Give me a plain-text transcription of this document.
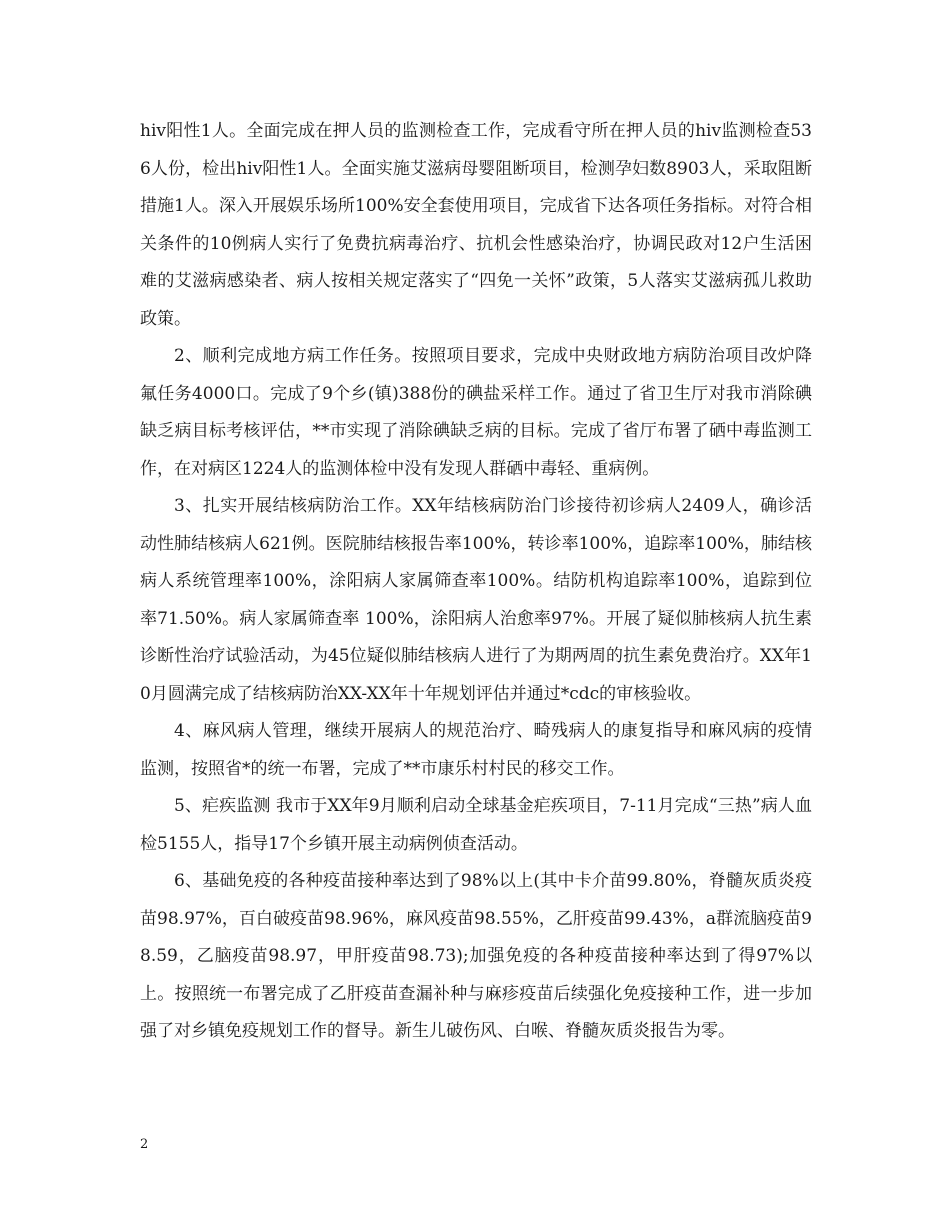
hiv阳性1人。全面完成在押人员的监测检查工作，完成看守所在押人员的hiv监测检查536人份，检出hiv阳性1人。全面实施艾滋病母婴阻断项目，检测孕妇数8903人，采取阻断措施1人。深入开展娱乐场所100%安全套使用项目，完成省下达各项任务指标。对符合相关条件的10例病人实行了免费抗病毒治疗、抗机会性感染治疗，协调民政对12户生活困难的艾滋病感染者、病人按相关规定落实了“四免一关怀”政策，5人落实艾滋病孤儿救助政策。

2、顺利完成地方病工作任务。按照项目要求，完成中央财政地方病防治项目改炉降氟任务4000口。完成了9个乡(镇)388份的碘盐采样工作。通过了省卫生厅对我市消除碘缺乏病目标考核评估，**市实现了消除碘缺乏病的目标。完成了省厅布署了硒中毒监测工作，在对病区1224人的监测体检中没有发现人群硒中毒轻、重病例。

3、扎实开展结核病防治工作。XX年结核病防治门诊接待初诊病人2409人，确诊活动性肺结核病人621例。医院肺结核报告率100%，转诊率100%，追踪率100%，肺结核病人系统管理率100%，涂阳病人家属筛查率100%。结防机构追踪率100%，追踪到位率71.50%。病人家属筛查率 100%，涂阳病人治愈率97%。开展了疑似肺核病人抗生素诊断性治疗试验活动，为45位疑似肺结核病人进行了为期两周的抗生素免费治疗。XX年10月圆满完成了结核病防治XX-XX年十年规划评估并通过*cdc的审核验收。

4、麻风病人管理，继续开展病人的规范治疗、畸残病人的康复指导和麻风病的疫情监测，按照省*的统一布署，完成了**市康乐村村民的移交工作。

5、疟疾监测 我市于XX年9月顺利启动全球基金疟疾项目，7-11月完成“三热”病人血检5155人，指导17个乡镇开展主动病例侦查活动。

6、基础免疫的各种疫苗接种率达到了98%以上(其中卡介苗99.80%，脊髓灰质炎疫苗98.97%，百白破疫苗98.96%，麻风疫苗98.55%，乙肝疫苗99.43%，a群流脑疫苗98.59，乙脑疫苗98.97，甲肝疫苗98.73);加强免疫的各种疫苗接种率达到了得97%以上。按照统一布署完成了乙肝疫苗查漏补种与麻疹疫苗后续强化免疫接种工作，进一步加强了对乡镇免疫规划工作的督导。新生儿破伤风、白喉、脊髓灰质炎报告为零。

2
